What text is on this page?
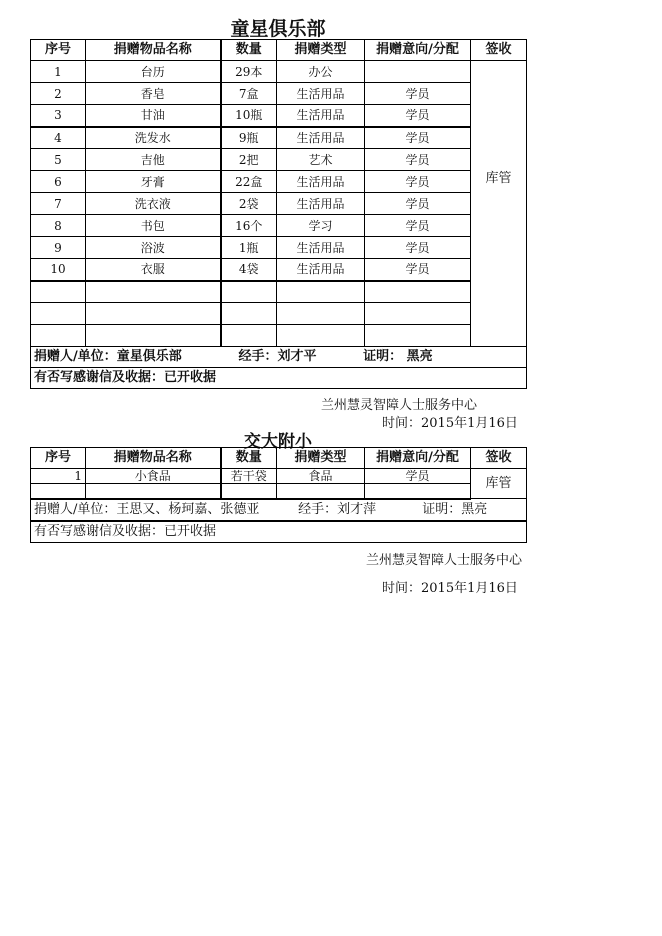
童星俱乐部
序号	捐赠物品名称	数量	捐赠类型	捐赠意向/分配	签收
1	台历	29本	办公		库管
2	香皂	7盒	生活用品	学员	
3	甘油	10瓶	生活用品	学员	
4	洗发水	9瓶	生活用品	学员	
5	吉他	2把	艺术	学员	
6	牙膏	22盒	生活用品	学员	
7	洗衣液	2袋	生活用品	学员	
8	书包	16个	学习	学员	
9	浴波	1瓶	生活用品	学员	
10	衣服	4袋	生活用品	学员	

捐赠人/单位：童星俱乐部 经手：刘才平 证明： 黑亮					
有否写感谢信及收据：已开收据					
兰州慧灵智障人士服务中心
时间：2015年1月16日
交大附小
序号	捐赠物品名称	数量	捐赠类型	捐赠意向/分配	签收
1	小食品	若干袋	食品	学员	库管

捐赠人/单位：王思又、杨珂嘉、张德亚 经手：刘才萍 证明：黑亮					
有否写感谢信及收据：已开收据					
兰州慧灵智障人士服务中心
时间：2015年1月16日
